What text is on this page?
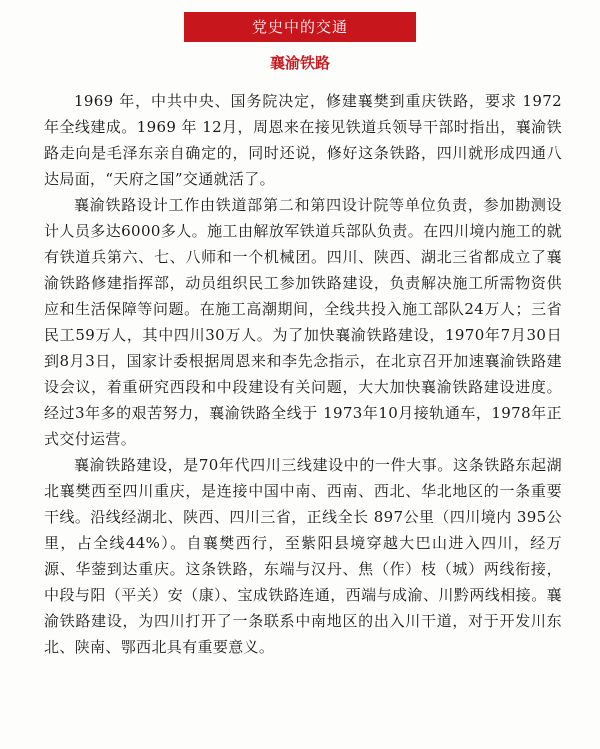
党史中的交通
襄渝铁路

1969 年，中共中央、国务院决定，修建襄樊到重庆铁路，要求 1972 年全线建成。1969 年 12月，周恩来在接见铁道兵领导干部时指出，襄渝铁路走向是毛泽东亲自确定的，同时还说，修好这条铁路，四川就形成四通八达局面，“天府之国”交通就活了。

襄渝铁路设计工作由铁道部第二和第四设计院等单位负责，参加勘测设计人员多达6000多人。施工由解放军铁道兵部队负责。在四川境内施工的就有铁道兵第六、七、八师和一个机械团。四川、陕西、湖北三省都成立了襄渝铁路修建指挥部，动员组织民工参加铁路建设，负责解决施工所需物资供应和生活保障等问题。在施工高潮期间，全线共投入施工部队24万人；三省民工59万人，其中四川30万人。为了加快襄渝铁路建设，1970年7月30日到8月3日，国家计委根据周恩来和李先念指示，在北京召开加速襄渝铁路建设会议，着重研究西段和中段建设有关问题，大大加快襄渝铁路建设进度。经过3年多的艰苦努力，襄渝铁路全线于 1973年10月接轨通车，1978年正式交付运营。

襄渝铁路建设，是70年代四川三线建设中的一件大事。这条铁路东起湖北襄樊西至四川重庆，是连接中国中南、西南、西北、华北地区的一条重要干线。沿线经湖北、陕西、四川三省，正线全长 897公里（四川境内 395公里，占全线44%）。自襄樊西行，至紫阳县境穿越大巴山进入四川，经万源、华蓥到达重庆。这条铁路，东端与汉丹、焦（作）枝（城）两线衔接，中段与阳（平关）安（康）、宝成铁路连通，西端与成渝、川黔两线相接。襄渝铁路建设，为四川打开了一条联系中南地区的出入川干道，对于开发川东北、陕南、鄂西北具有重要意义。
